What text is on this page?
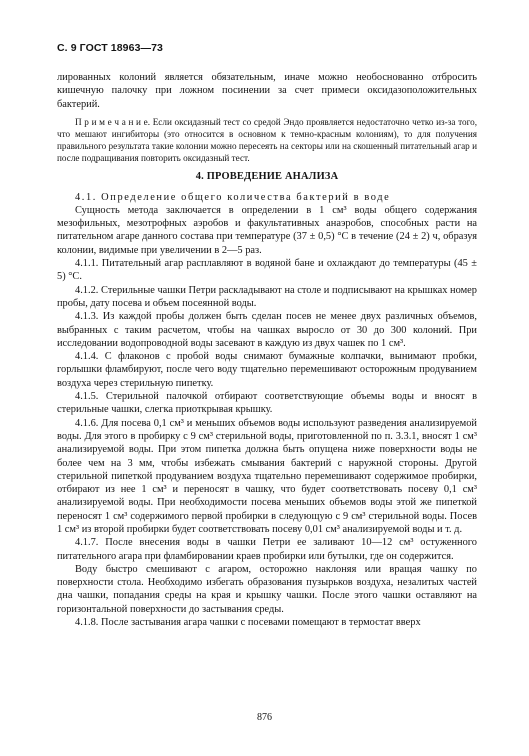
С. 9 ГОСТ 18963—73

лированных колоний является обязательным, иначе можно необоснованно отбросить кишечную палочку при ложном посинении за счет примеси оксидазоположительных бактерий.

П р и м е ч а н и е. Если оксидазный тест со средой Эндо проявляется недостаточно четко из-за того, что мешают ингибиторы (это относится в основном к темно-красным колониям), то для получения правильного результата такие колонии можно пересеять на секторы или на скошенный питательный агар и после подращивания повторить оксидазный тест.

4. ПРОВЕДЕНИЕ АНАЛИЗА

4.1. Определение общего количества бактерий в воде

Сущность метода заключается в определении в 1 см³ воды общего содержания мезофильных, мезотрофных аэробов и факультативных анаэробов, способных расти на питательном агаре данного состава при температуре (37 ± 0,5) °С в течение (24 ± 2) ч, образуя колонии, видимые при увеличении в 2—5 раз.

4.1.1. Питательный агар расплавляют в водяной бане и охлаждают до температуры (45 ± 5) °С.

4.1.2. Стерильные чашки Петри раскладывают на столе и подписывают на крышках номер пробы, дату посева и объем посеянной воды.

4.1.3. Из каждой пробы должен быть сделан посев не менее двух различных объемов, выбранных с таким расчетом, чтобы на чашках выросло от 30 до 300 колоний. При исследовании водопроводной воды засевают в каждую из двух чашек по 1 см³.

4.1.4. С флаконов с пробой воды снимают бумажные колпачки, вынимают пробки, горлышки фламбируют, после чего воду тщательно перемешивают осторожным продуванием воздуха через стерильную пипетку.

4.1.5. Стерильной палочкой отбирают соответствующие объемы воды и вносят в стерильные чашки, слегка приоткрывая крышку.

4.1.6. Для посева 0,1 см³ и меньших объемов воды используют разведения анализируемой воды. Для этого в пробирку с 9 см³ стерильной воды, приготовленной по п. 3.3.1, вносят 1 см³ анализируемой воды. При этом пипетка должна быть опущена ниже поверхности воды не более чем на 3 мм, чтобы избежать смывания бактерий с наружной стороны. Другой стерильной пипеткой продуванием воздуха тщательно перемешивают содержимое пробирки, отбирают из нее 1 см³ и переносят в чашку, что будет соответствовать посеву 0,1 см³ анализируемой воды. При необходимости посева меньших объемов воды этой же пипеткой переносят 1 см³ содержимого первой пробирки в следующую с 9 см³ стерильной воды. Посев 1 см³ из второй пробирки будет соответствовать посеву 0,01 см³ анализируемой воды и т. д.

4.1.7. После внесения воды в чашки Петри ее заливают 10—12 см³ остуженного питательного агара при фламбировании краев пробирки или бутылки, где он содержится.

Воду быстро смешивают с агаром, осторожно наклоняя или вращая чашку по поверхности стола. Необходимо избегать образования пузырьков воздуха, незалитых частей дна чашки, попадания среды на края и крышку чашки. После этого чашки оставляют на горизонтальной поверхности до застывания среды.

4.1.8. После застывания агара чашки с посевами помещают в термостат вверх

876
